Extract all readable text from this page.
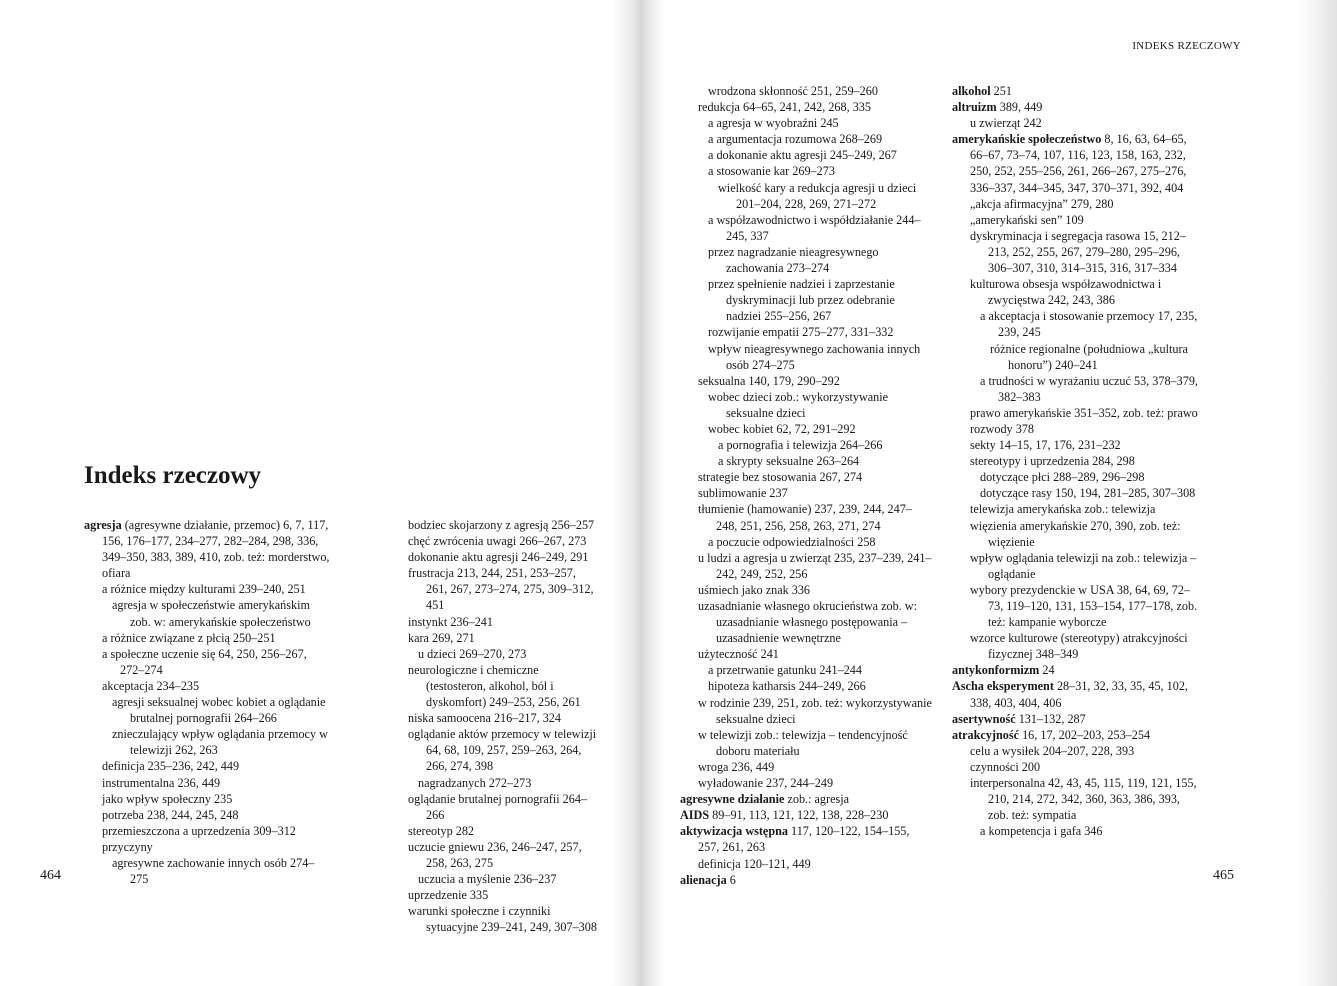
Indeks rzeczowy
INDEKS RZECZOWY
464	465
agresja (agresywne działanie, przemoc) 6, 7, 117, 156, 176–177, 234–277, 282–284, 298, 336, 349–350, 383, 389, 410, zob. też: morderstwo, ofiara
a różnice między kulturami 239–240, 251
agresja w społeczeństwie amerykańskim zob. w: amerykańskie społeczeństwo
a różnice związane z płcią 250–251
a społeczne uczenie się 64, 250, 256–267, 272–274
akceptacja 234–235
agresji seksualnej wobec kobiet a oglądanie brutalnej pornografii 264–266
znieczulający wpływ oglądania przemocy w telewizji 262, 263
definicja 235–236, 242, 449
instrumentalna 236, 449
jako wpływ społeczny 235
potrzeba 238, 244, 245, 248
przemieszczona a uprzedzenia 309–312
przyczyny
agresywne zachowanie innych osób 274–275
bodziec skojarzony z agresją 256–257
chęć zwrócenia uwagi 266–267, 273
dokonanie aktu agresji 246–249, 291
frustracja 213, 244, 251, 253–257, 261, 267, 273–274, 275, 309–312, 451
instynkt 236–241
kara 269, 271
u dzieci 269–270, 273
neurologiczne i chemiczne (testosteron, alkohol, ból i dyskomfort) 249–253, 256, 261
niska samoocena 216–217, 324
oglądanie aktów przemocy w telewizji 64, 68, 109, 257, 259–263, 264, 266, 274, 398
nagradzanych 272–273
oglądanie brutalnej pornografii 264–266
stereotyp 282
uczucie gniewu 236, 246–247, 257, 258, 263, 275
uczucia a myślenie 236–237
uprzedzenie 335
warunki społeczne i czynniki sytuacyjne 239–241, 249, 307–308
wrodzona skłonność 251, 259–260
redukcja 64–65, 241, 242, 268, 335
a agresja w wyobraźni 245
a argumentacja rozumowa 268–269
a dokonanie aktu agresji 245–249, 267
a stosowanie kar 269–273
wielkość kary a redukcja agresji u dzieci 201–204, 228, 269, 271–272
a współzawodnictwo i współdziałanie 244–245, 337
przez nagradzanie nieagresywnego zachowania 273–274
przez spełnienie nadziei i zaprzestanie dyskryminacji lub przez odebranie nadziei 255–256, 267
rozwijanie empatii 275–277, 331–332
wpływ nieagresywnego zachowania innych osób 274–275
seksualna 140, 179, 290–292
wobec dzieci zob.: wykorzystywanie seksualne dzieci
wobec kobiet 62, 72, 291–292
a pornografia i telewizja 264–266
a skrypty seksualne 263–264
strategie bez stosowania 267, 274
sublimowanie 237
tłumienie (hamowanie) 237, 239, 244, 247–248, 251, 256, 258, 263, 271, 274
a poczucie odpowiedzialności 258
u ludzi a agresja u zwierząt 235, 237–239, 241–242, 249, 252, 256
uśmiech jako znak 336
uzasadnianie własnego okrucieństwa zob. w: uzasadnianie własnego postępowania – uzasadnienie wewnętrzne
użyteczność 241
a przetrwanie gatunku 241–244
hipoteza katharsis 244–249, 266
w rodzinie 239, 251, zob. też: wykorzystywanie seksualne dzieci
w telewizji zob.: telewizja – tendencyjność doboru materiału
wroga 236, 449
wyładowanie 237, 244–249
agresywne działanie zob.: agresja
AIDS 89–91, 113, 121, 122, 138, 228–230
aktywizacja wstępna 117, 120–122, 154–155, 257, 261, 263
definicja 120–121, 449
alienacja 6
alkohol 251
altruizm 389, 449
u zwierząt 242
amerykańskie społeczeństwo 8, 16, 63, 64–65, 66–67, 73–74, 107, 116, 123, 158, 163, 232, 250, 252, 255–256, 261, 266–267, 275–276, 336–337, 344–345, 347, 370–371, 392, 404
„akcja afirmacyjna” 279, 280
„amerykański sen” 109
dyskryminacja i segregacja rasowa 15, 212–213, 252, 255, 267, 279–280, 295–296, 306–307, 310, 314–315, 316, 317–334
kulturowa obsesja współzawodnictwa i zwycięstwa 242, 243, 386
a akceptacja i stosowanie przemocy 17, 235, 239, 245
różnice regionalne (południowa „kultura honoru”) 240–241
a trudności w wyrażaniu uczuć 53, 378–379, 382–383
prawo amerykańskie 351–352, zob. też: prawo
rozwody 378
sekty 14–15, 17, 176, 231–232
stereotypy i uprzedzenia 284, 298
dotyczące płci 288–289, 296–298
dotyczące rasy 150, 194, 281–285, 307–308
telewizja amerykańska zob.: telewizja
więzienia amerykańskie 270, 390, zob. też: więzienie
wpływ oglądania telewizji na zob.: telewizja – oglądanie
wybory prezydenckie w USA 38, 64, 69, 72–73, 119–120, 131, 153–154, 177–178, zob. też: kampanie wyborcze
wzorce kulturowe (stereotypy) atrakcyjności fizycznej 348–349
antykonformizm 24
Ascha eksperyment 28–31, 32, 33, 35, 45, 102, 338, 403, 404, 406
asertywność 131–132, 287
atrakcyjność 16, 17, 202–203, 253–254
celu a wysiłek 204–207, 228, 393
czynności 200
interpersonalna 42, 43, 45, 115, 119, 121, 155, 210, 214, 272, 342, 360, 363, 386, 393, zob. też: sympatia
a kompetencja i gafa 346
